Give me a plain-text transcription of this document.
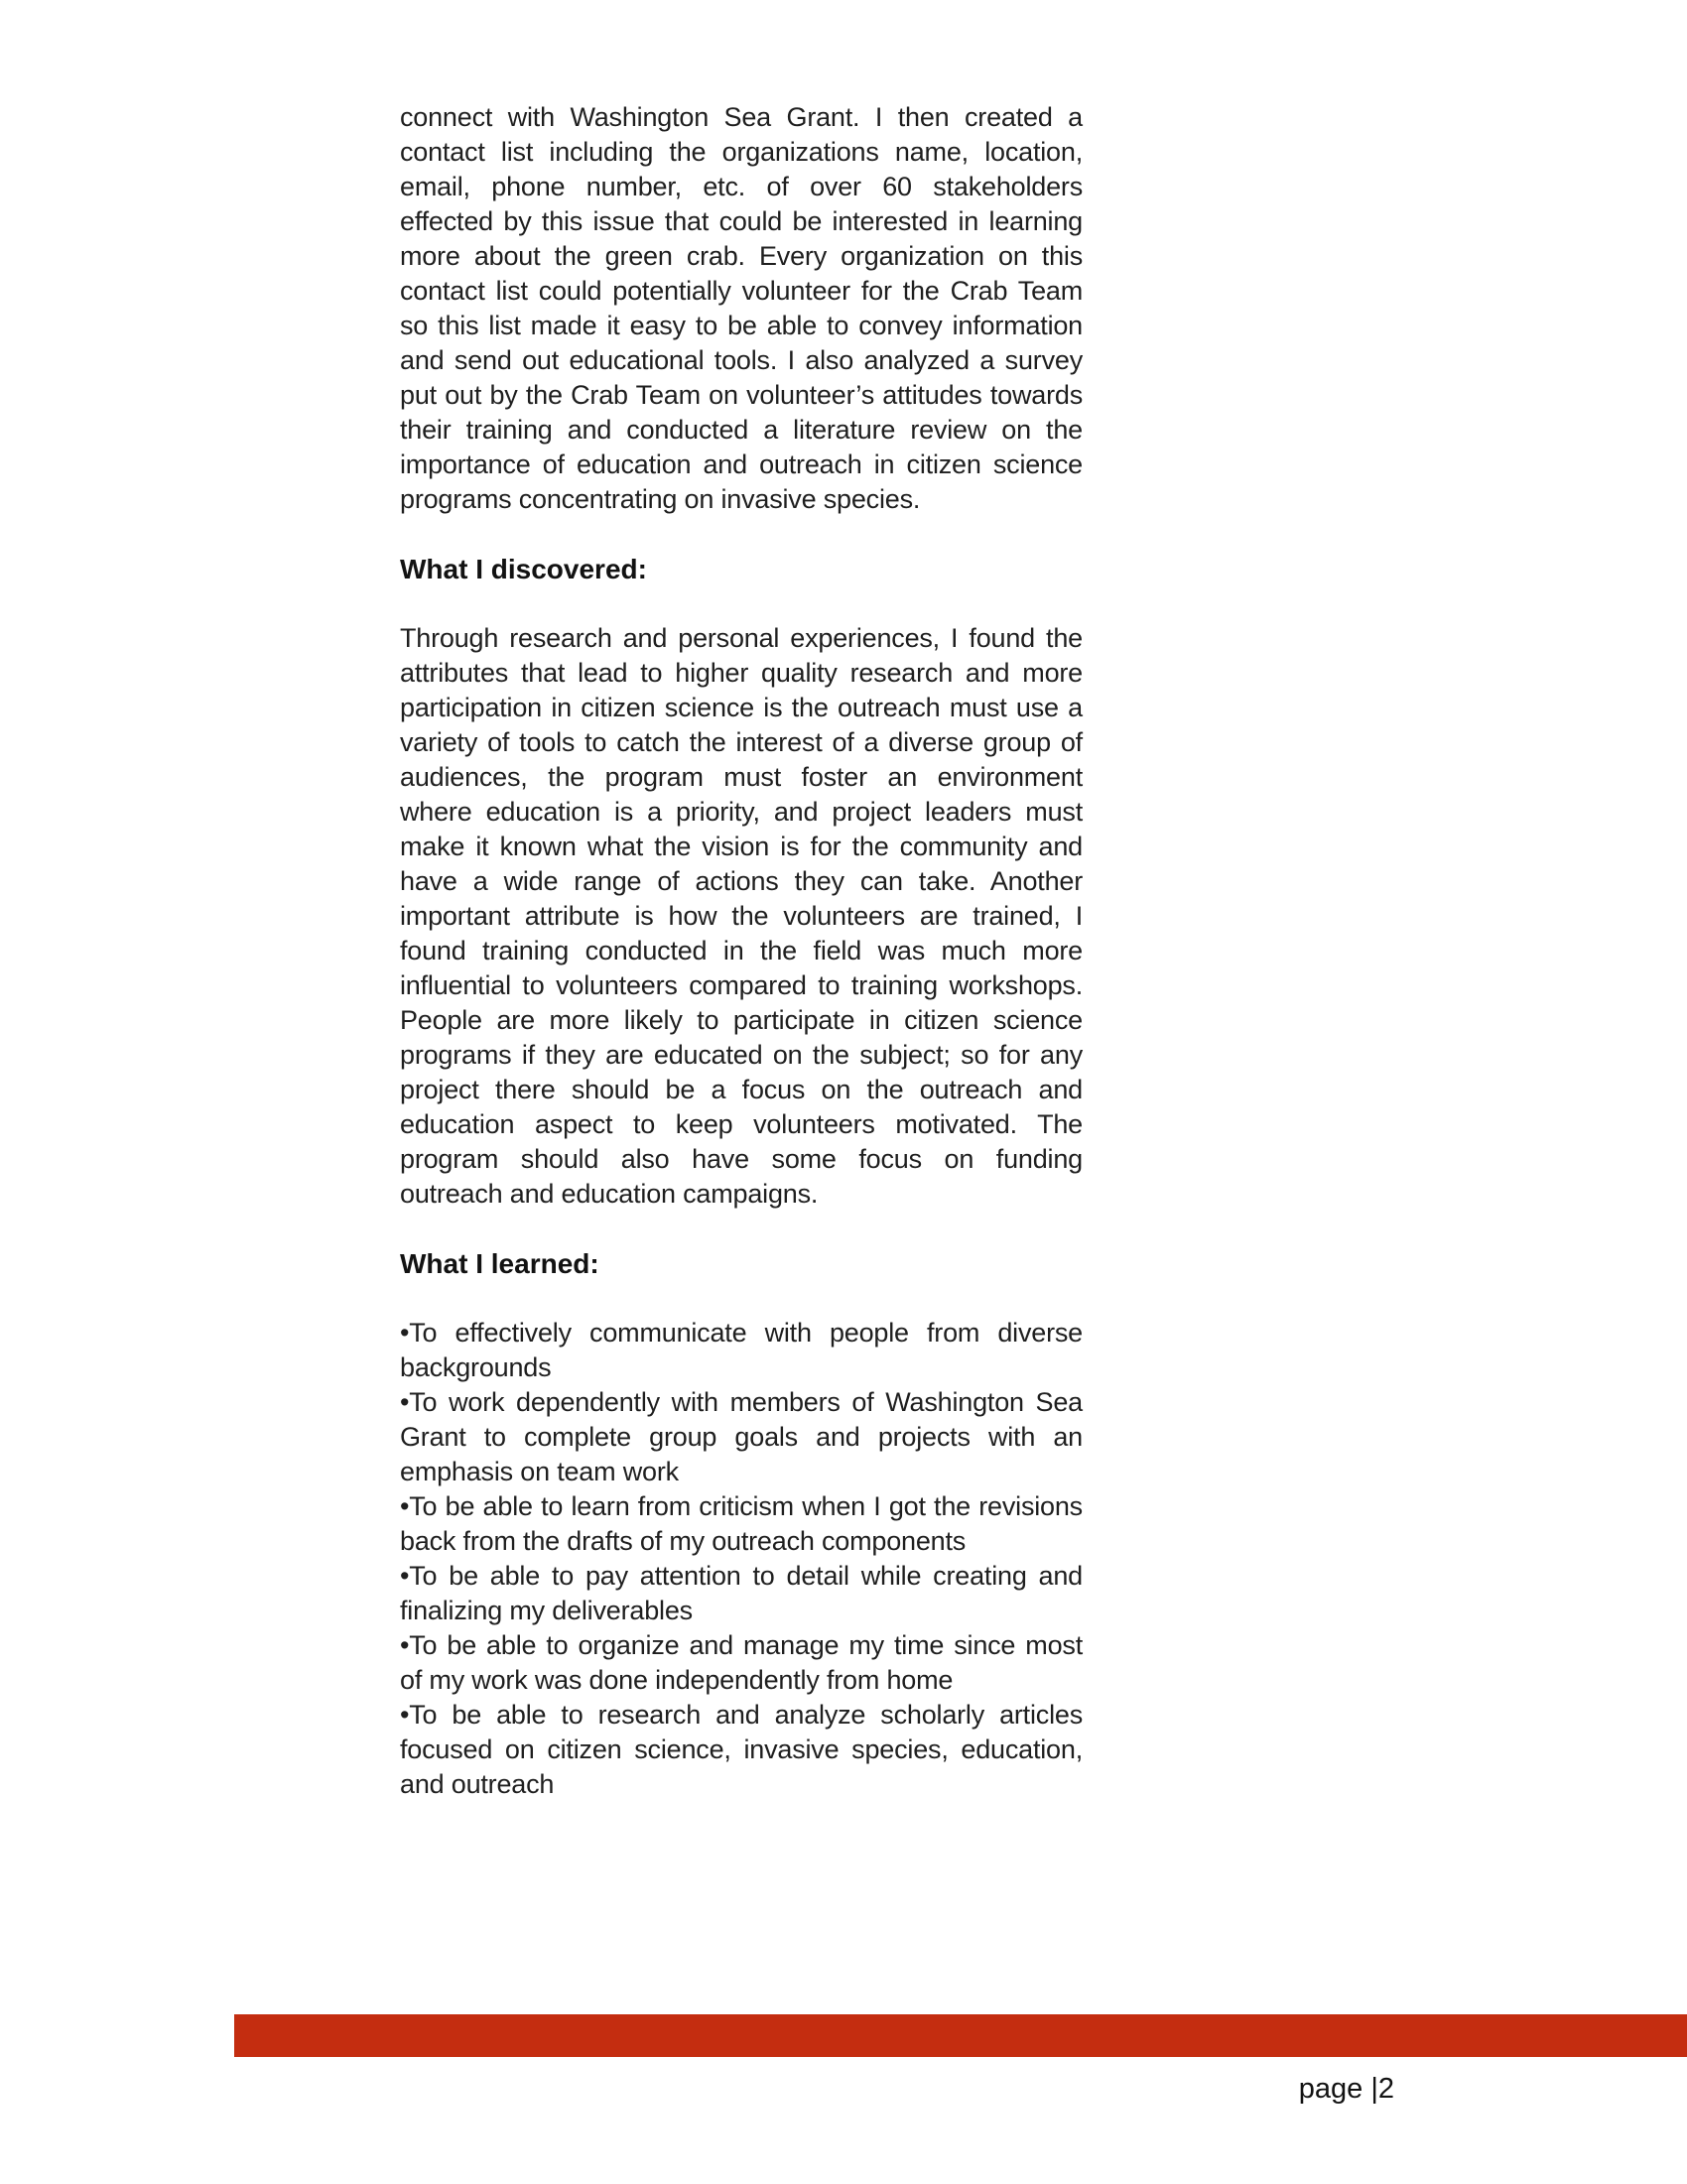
connect with Washington Sea Grant. I then created a contact list including the organizations name, location, email, phone number, etc. of over 60 stakeholders effected by this issue that could be interested in learning more about the green crab. Every organization on this contact list could potentially volunteer for the Crab Team so this list made it easy to be able to convey information and send out educational tools. I also analyzed a survey put out by the Crab Team on volunteer’s attitudes towards their training and conducted a literature review on the importance of education and outreach in citizen science programs concentrating on invasive species.

What I discovered:

Through research and personal experiences, I found the attributes that lead to higher quality research and more participation in citizen science is the outreach must use a variety of tools to catch the interest of a diverse group of audiences, the program must foster an environment where education is a priority, and project leaders must make it known what the vision is for the community and have a wide range of actions they can take. Another important attribute is how the volunteers are trained, I found training conducted in the field was much more influential to volunteers compared to training workshops. People are more likely to participate in citizen science programs if they are educated on the subject; so for any project there should be a focus on the outreach and education aspect to keep volunteers motivated. The program should also have some focus on funding outreach and education campaigns.

What I learned:

•To effectively communicate with people from diverse backgrounds

•To work dependently with members of Washington Sea Grant to complete group goals and projects with an emphasis on team work

•To be able to learn from criticism when I got the revisions back from the drafts of my outreach components

•To be able to pay attention to detail while creating and finalizing my deliverables

•To be able to organize and manage my time since most of my work was done independently from home

•To be able to research and analyze scholarly articles focused on citizen science, invasive species, education, and outreach

page |2
